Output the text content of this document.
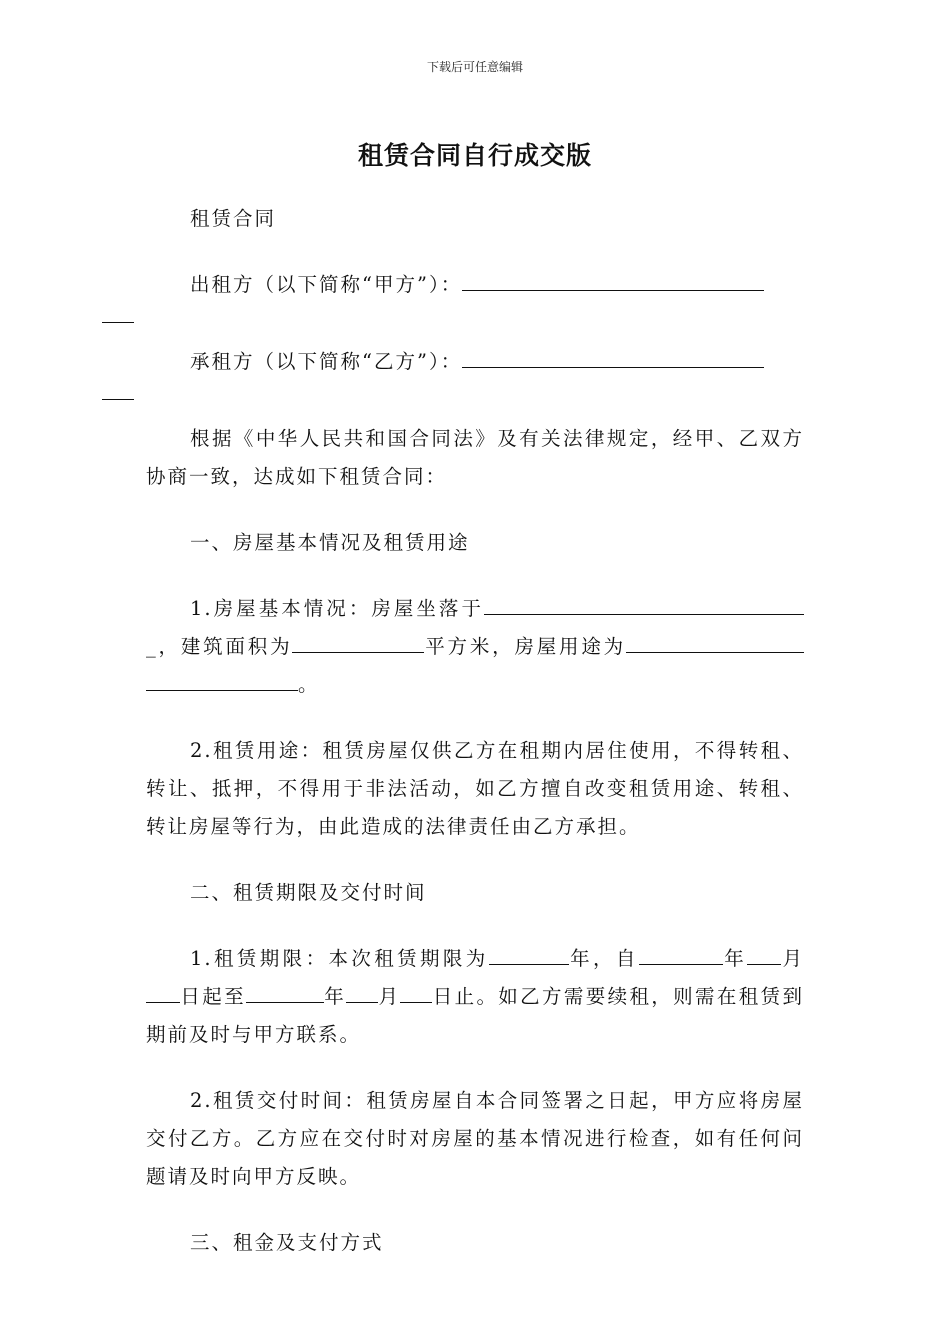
下载后可任意编辑
租赁合同自行成交版

租赁合同

出租方（以下简称“甲方”）：

承租方（以下简称“乙方”）：

根据《中华人民共和国合同法》及有关法律规定，经甲、乙双方协商一致，达成如下租赁合同：

一、房屋基本情况及租赁用途

1.房屋基本情况：房屋坐落于_，建筑面积为	平方米，房屋用途为。

2.租赁用途：租赁房屋仅供乙方在租期内居住使用，不得转租、转让、抵押，不得用于非法活动，如乙方擅自改变租赁用途、转租、转让房屋等行为，由此造成的法律责任由乙方承担。

二、租赁期限及交付时间

1.租赁期限：本次租赁期限为	年，自	年 月日起至	年 月 日止。如乙方需要续租，则需在租赁到期前及时与甲方联系。

2.租赁交付时间：租赁房屋自本合同签署之日起，甲方应将房屋交付乙方。乙方应在交付时对房屋的基本情况进行检查，如有任何问题请及时向甲方反映。

三、租金及支付方式
